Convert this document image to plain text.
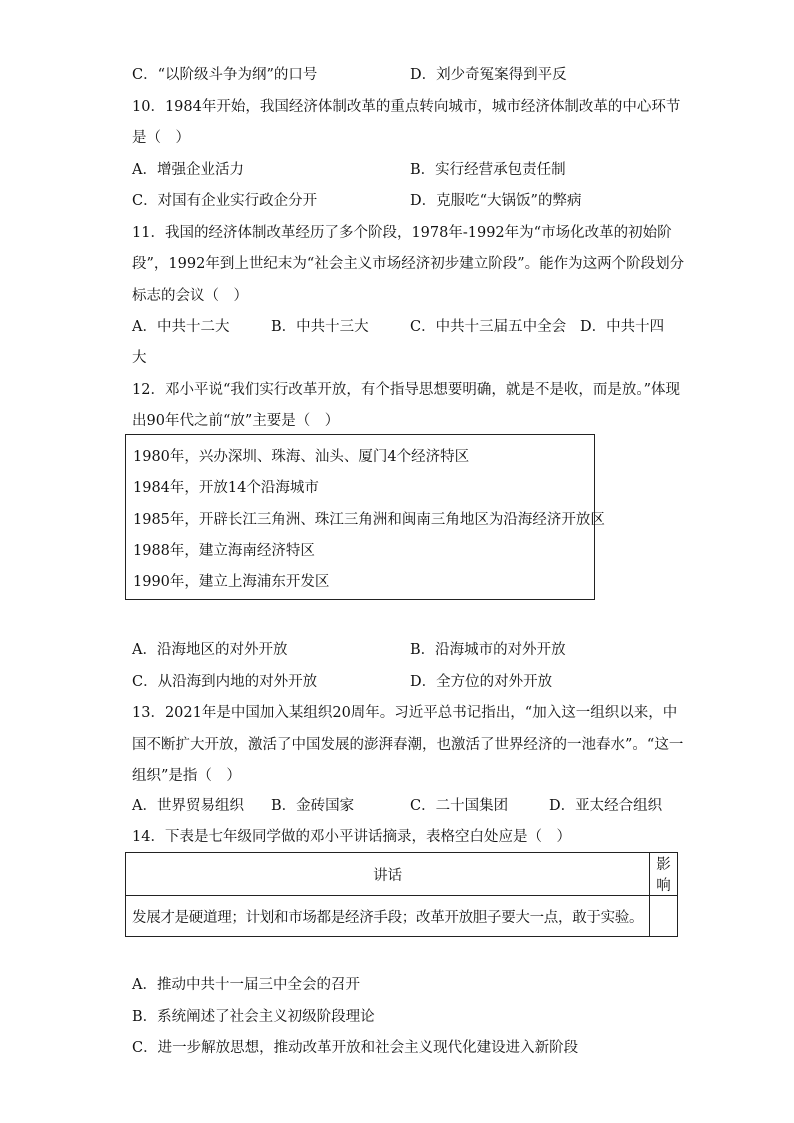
C．“以阶级斗争为纲”的口号	D．刘少奇冤案得到平反
10．1984年开始，我国经济体制改革的重点转向城市，城市经济体制改革的中心环节
是（　）
A．增强企业活力	B．实行经营承包责任制
C．对国有企业实行政企分开	D．克服吃“大锅饭”的弊病
11．我国的经济体制改革经历了多个阶段，1978年-1992年为“市场化改革的初始阶
段”，1992年到上世纪末为“社会主义市场经济初步建立阶段”。能作为这两个阶段划分
标志的会议（　）
A．中共十二大	B．中共十三大	C．中共十三届五中全会 D．中共十四
大
12．邓小平说“我们实行改革开放，有个指导思想要明确，就是不是收，而是放。”体现
出90年代之前“放”主要是（　）
1980年，兴办深圳、珠海、汕头、厦门4个经济特区
1984年，开放14个沿海城市
1985年，开辟长江三角洲、珠江三角洲和闽南三角地区为沿海经济开放区
1988年，建立海南经济特区
1990年，建立上海浦东开发区
A．沿海地区的对外开放	B．沿海城市的对外开放
C．从沿海到内地的对外开放	D．全方位的对外开放
13．2021年是中国加入某组织20周年。习近平总书记指出，“加入这一组织以来，中
国不断扩大开放，激活了中国发展的澎湃春潮，也激活了世界经济的一池春水”。“这一
组织”是指（　）
A．世界贸易组织 B．金砖国家	C．二十国集团	D．亚太经合组织
14．下表是七年级同学做的邓小平讲话摘录，表格空白处应是（　）
讲话	影响
发展才是硬道理；计划和市场都是经济手段；改革开放胆子要大一点，敢于实验。	
A．推动中共十一届三中全会的召开
B．系统阐述了社会主义初级阶段理论
C．进一步解放思想，推动改革开放和社会主义现代化建设进入新阶段
